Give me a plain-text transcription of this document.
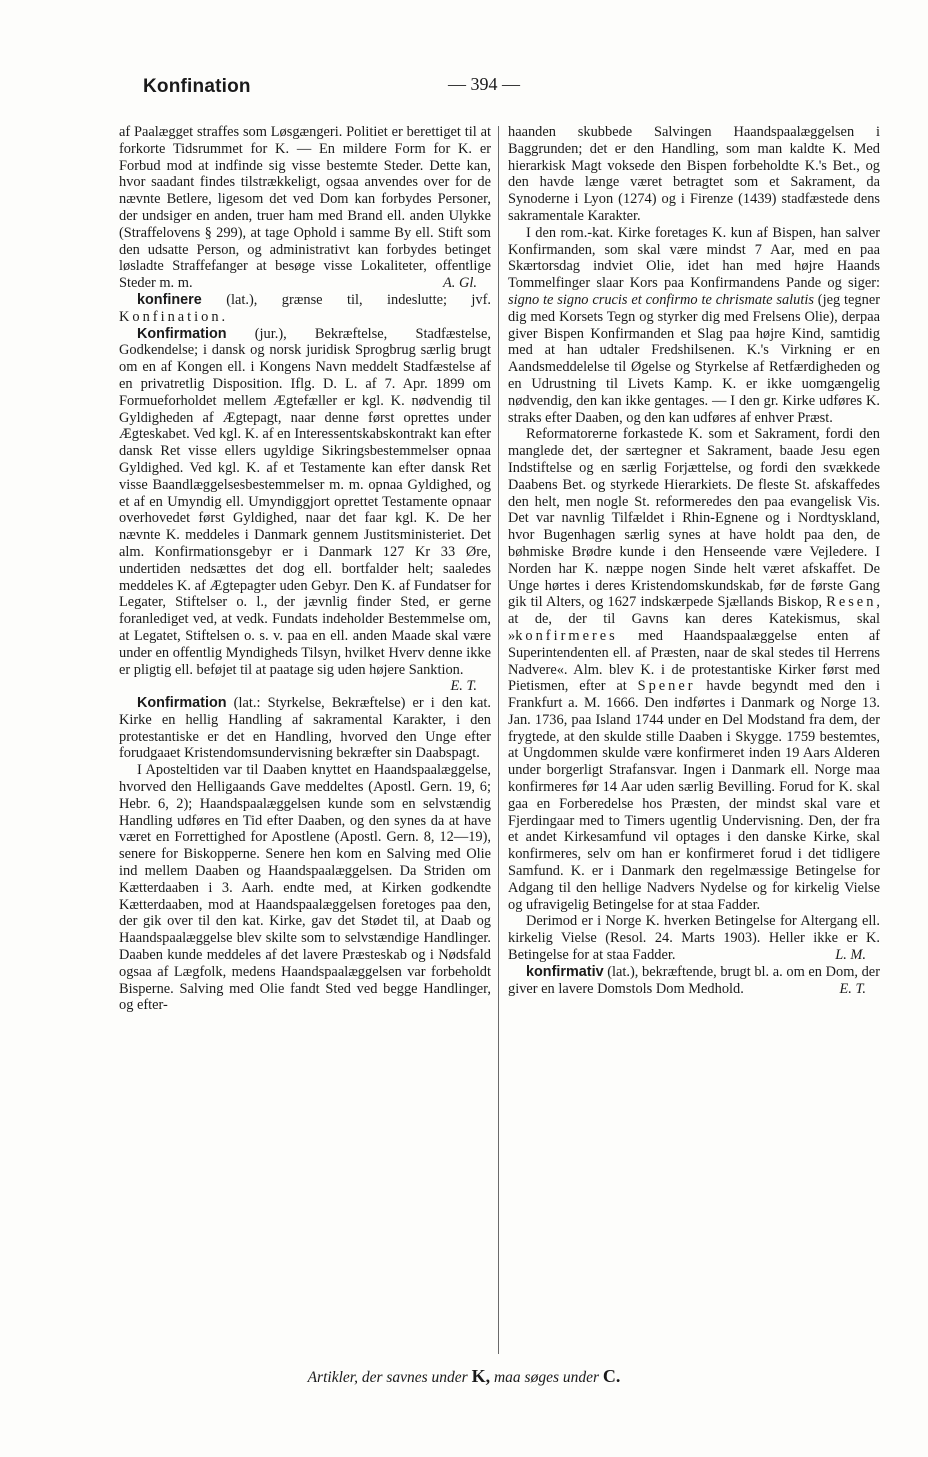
Konfination	— 394 —

af Paalægget straffes som Løsgængeri. Politiet er berettiget til at forkorte Tidsrummet for K. — En mildere Form for K. er Forbud mod at indfinde sig visse bestemte Steder. Dette kan, hvor saadant findes tilstrækkeligt, ogsaa anvendes over for de nævnte Betlere, ligesom det ved Dom kan forbydes Personer, der undsiger en anden, truer ham med Brand ell. anden Ulykke (Straffelovens § 299), at tage Ophold i samme By ell. Stift som den udsatte Person, og administrativt kan forbydes betinget løsladte Straffefanger at besøge visse Lokaliteter, offentlige Steder m. m.	A. Gl.

konfinere (lat.), grænse til, indeslutte; jvf. Konfination.

Konfirmation (jur.), Bekræftelse, Stadfæstelse, Godkendelse; i dansk og norsk juridisk Sprogbrug særlig brugt om en af Kongen ell. i Kongens Navn meddelt Stadfæstelse af en privatretlig Disposition. Iflg. D. L. af 7. Apr. 1899 om Formueforholdet mellem Ægtefæller er kgl. K. nødvendig til Gyldigheden af Ægtepagt, naar denne først oprettes under Ægteskabet. Ved kgl. K. af en Interessentskabskontrakt kan efter dansk Ret visse ellers ugyldige Sikringsbestemmelser opnaa Gyldighed. Ved kgl. K. af et Testamente kan efter dansk Ret visse Baandlæggelsesbestemmelser m. m. opnaa Gyldighed, og et af en Umyndig ell. Umyndiggjort oprettet Testamente opnaar overhovedet først Gyldighed, naar det faar kgl. K. De her nævnte K. meddeles i Danmark gennem Justitsministeriet. Det alm. Konfirmationsgebyr er i Danmark 127 Kr 33 Øre, undertiden nedsættes det dog ell. bortfalder helt; saaledes meddeles K. af Ægtepagter uden Gebyr. Den K. af Fundatser for Legater, Stiftelser o. l., der jævnlig finder Sted, er gerne foranlediget ved, at vedk. Fundats indeholder Bestemmelse om, at Legatet, Stiftelsen o. s. v. paa en ell. anden Maade skal være under en offentlig Myndigheds Tilsyn, hvilket Hverv denne ikke er pligtig ell. beføjet til at paatage sig uden højere Sanktion.
E. T.

Konfirmation (lat.: Styrkelse, Bekræftelse) er i den kat. Kirke en hellig Handling af sakramental Karakter, i den protestantiske er det en Handling, hvorved den Unge efter forudgaaet Kristendomsundervisning bekræfter sin Daabspagt.

I Aposteltiden var til Daaben knyttet en Haandspaalæggelse, hvorved den Helligaands Gave meddeltes (Apostl. Gern. 19, 6; Hebr. 6, 2); Haandspaalæggelsen kunde som en selvstændig Handling udføres en Tid efter Daaben, og den synes da at have været en Forrettighed for Apostlene (Apostl. Gern. 8, 12—19), senere for Biskopperne. Senere hen kom en Salving med Olie ind mellem Daaben og Haandspaalæggelsen. Da Striden om Kætterdaaben i 3. Aarh. endte med, at Kirken godkendte Kætterdaaben, mod at Haandspaalæggelsen foretoges paa den, der gik over til den kat. Kirke, gav det Stødet til, at Daab og Haandspaalæggelse blev skilte som to selvstændige Handlinger. Daaben kunde meddeles af det lavere Præsteskab og i Nødsfald ogsaa af Lægfolk, medens Haandspaalæggelsen var forbeholdt Bisperne. Salving med Olie fandt Sted ved begge Handlinger, og efter-

haanden skubbede Salvingen Haandspaalæggelsen i Baggrunden; det er den Handling, som man kaldte K. Med hierarkisk Magt voksede den Bispen forbeholdte K.'s Bet., og den havde længe været betragtet som et Sakrament, da Synoderne i Lyon (1274) og i Firenze (1439) stadfæstede dens sakramentale Karakter.

I den rom.-kat. Kirke foretages K. kun af Bispen, han salver Konfirmanden, som skal være mindst 7 Aar, med en paa Skærtorsdag indviet Olie, idet han med højre Haands Tommelfinger slaar Kors paa Konfirmandens Pande og siger: signo te signo crucis et confirmo te chrismate salutis (jeg tegner dig med Korsets Tegn og styrker dig med Frelsens Olie), derpaa giver Bispen Konfirmanden et Slag paa højre Kind, samtidig med at han udtaler Fredshilsenen. K.'s Virkning er en Aandsmeddelelse til Øgelse og Styrkelse af Retfærdigheden og en Udrustning til Livets Kamp. K. er ikke uomgængelig nødvendig, den kan ikke gentages. — I den gr. Kirke udføres K. straks efter Daaben, og den kan udføres af enhver Præst.

Reformatorerne forkastede K. som et Sakrament, fordi den manglede det, der særtegner et Sakrament, baade Jesu egen Indstiftelse og en særlig Forjættelse, og fordi den svækkede Daabens Bet. og styrkede Hierarkiets. De fleste St. afskaffedes den helt, men nogle St. reformeredes den paa evangelisk Vis. Det var navnlig Tilfældet i Rhin-Egnene og i Nordtyskland, hvor Bugenhagen særlig synes at have holdt paa den, de bøhmiske Brødre kunde i den Henseende være Vejledere. I Norden har K. næppe nogen Sinde helt været afskaffet. De Unge hørtes i deres Kristendomskundskab, før de første Gang gik til Alters, og 1627 indskærpede Sjællands Biskop, Resen, at de, der til Gavns kan deres Katekismus, skal »konfirmeres med Haandspaalæggelse enten af Superintendenten ell. af Præsten, naar de skal stedes til Herrens Nadvere«. Alm. blev K. i de protestantiske Kirker først med Pietismen, efter at Spener havde begyndt med den i Frankfurt a. M. 1666. Den indførtes i Danmark og Norge 13. Jan. 1736, paa Island 1744 under en Del Modstand fra dem, der frygtede, at den skulde stille Daaben i Skygge. 1759 bestemtes, at Ungdommen skulde være konfirmeret inden 19 Aars Alderen under borgerligt Strafansvar. Ingen i Danmark ell. Norge maa konfirmeres før 14 Aar uden særlig Bevilling. Forud for K. skal gaa en Forberedelse hos Præsten, der mindst skal vare et Fjerdingaar med to Timers ugentlig Undervisning. Den, der fra et andet Kirkesamfund vil optages i den danske Kirke, skal konfirmeres, selv om han er konfirmeret forud i det tidligere Samfund. K. er i Danmark den regelmæssige Betingelse for Adgang til den hellige Nadvers Nydelse og for kirkelig Vielse og ufravigelig Betingelse for at staa Fadder.

Derimod er i Norge K. hverken Betingelse for Altergang ell. kirkelig Vielse (Resol. 24. Marts 1903). Heller ikke er K. Betingelse for at staa Fadder.	L. M.

konfirmativ (lat.), bekræftende, brugt bl. a. om en Dom, der giver en lavere Domstols Dom Medhold.	E. T.

Artikler, der savnes under K, maa søges under C.
